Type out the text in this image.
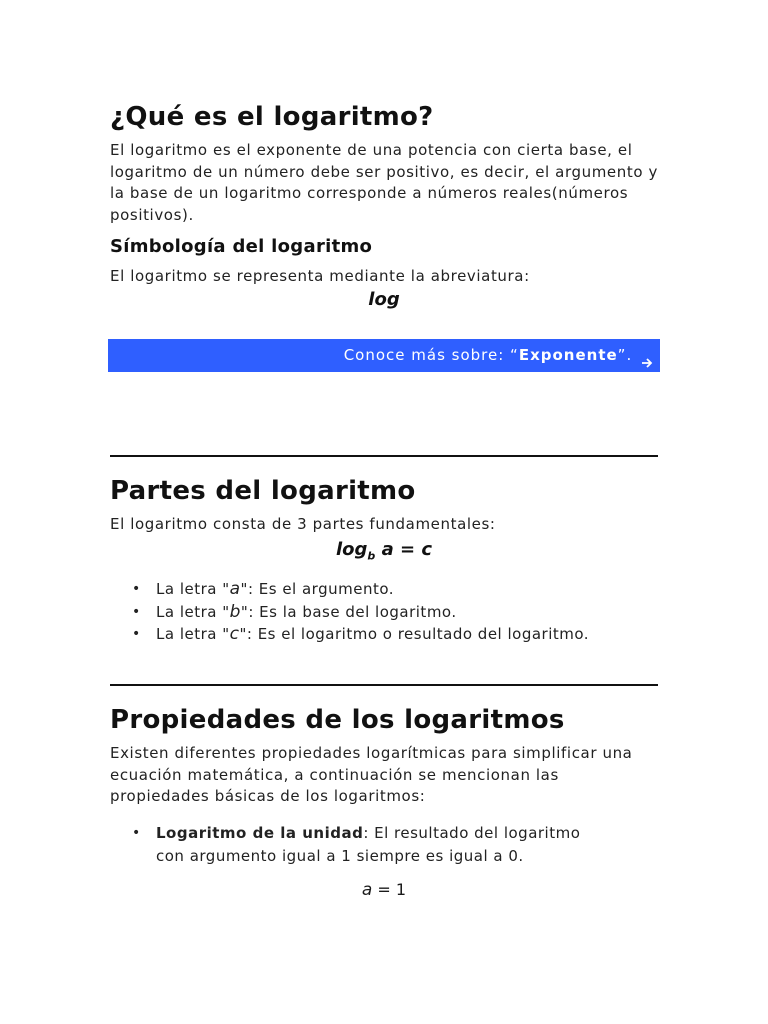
¿Qué es el logaritmo?

El logaritmo es el exponente de una potencia con cierta base, el logaritmo de un número debe ser positivo, es decir, el argumento y la base de un logaritmo corresponde a números reales(números positivos).

Símbología del logaritmo

El logaritmo se representa mediante la abreviatura:

log
Conoce más sobre: “Exponente”.
Partes del logaritmo

El logaritmo consta de 3 partes fundamentales:

$\log_b a = c$
• La letra "a": Es el argumento.
• La letra "b": Es la base del logaritmo.
• La letra "c": Es el logaritmo o resultado del logaritmo.
Propiedades de los logaritmos

Existen diferentes propiedades logarítmicas para simplificar una ecuación matemática, a continuación se mencionan las propiedades básicas de los logaritmos:

• Logaritmo de la unidad: El resultado del logaritmo con argumento igual a 1 siempre es igual a 0.
a = 1
